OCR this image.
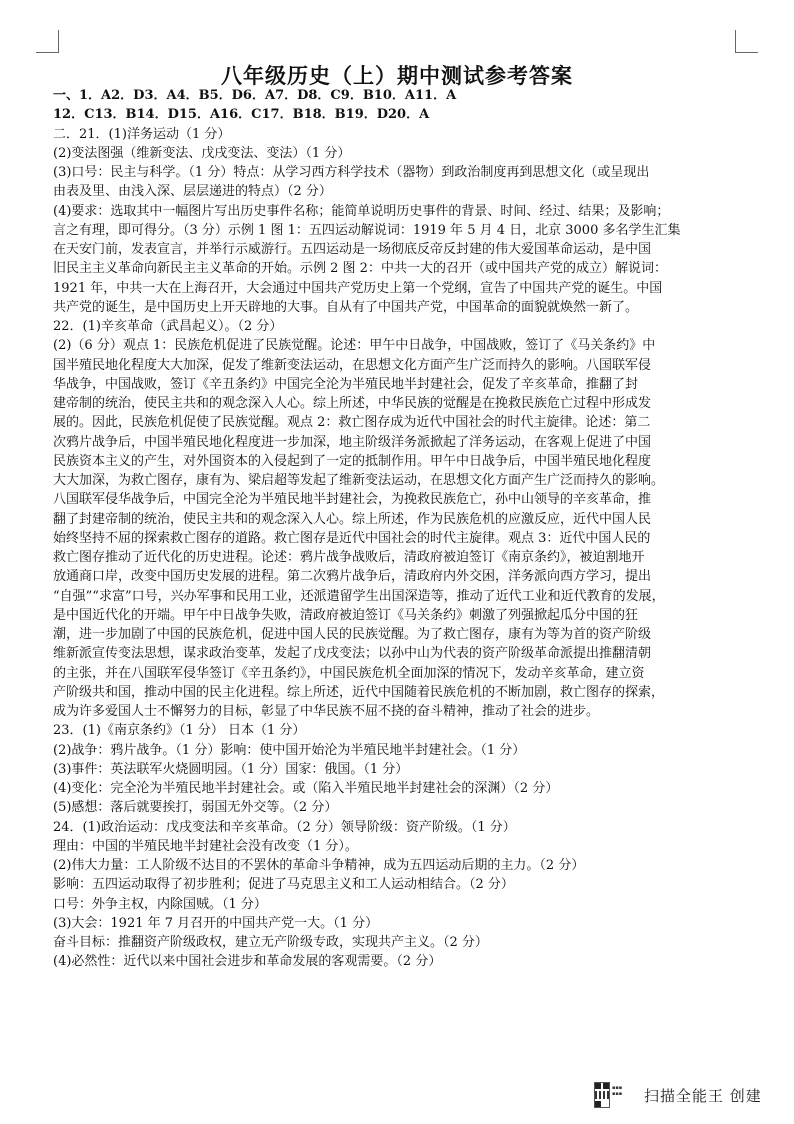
八年级历史（上）期中测试参考答案
一、1．A2．D3．A4．B5．D6．A7．D8．C9．B10．A11．A
12．C13．B14．D15．A16．C17．B18．B19．D20．A
二．21．(1)洋务运动（1 分）
(2)变法图强（维新变法、戊戌变法、变法）（1 分）
(3)口号：民主与科学。（1 分）特点：从学习西方科学技术（器物）到政治制度再到思想文化（或呈现出
由表及里、由浅入深、层层递进的特点）（2 分）
(4)要求：选取其中一幅图片写出历史事件名称；能简单说明历史事件的背景、时间、经过、结果；及影响；
言之有理，即可得分。（3 分）示例 1 图 1：五四运动解说词：1919 年 5 月 4 日，北京 3000 多名学生汇集
在天安门前，发表宣言，并举行示威游行。五四运动是一场彻底反帝反封建的伟大爱国革命运动，是中国
旧民主主义革命向新民主主义革命的开始。示例 2 图 2：中共一大的召开（或中国共产党的成立）解说词：
1921 年，中共一大在上海召开，大会通过中国共产党历史上第一个党纲，宣告了中国共产党的诞生。中国
共产党的诞生，是中国历史上开天辟地的大事。自从有了中国共产党，中国革命的面貌就焕然一新了。
22．(1)辛亥革命（武昌起义）。（2 分）
(2)（6 分）观点 1：民族危机促进了民族觉醒。论述：甲午中日战争，中国战败，签订了《马关条约》中
国半殖民地化程度大大加深，促发了维新变法运动，在思想文化方面产生广泛而持久的影响。八国联军侵
华战争，中国战败，签订《辛丑条约》中国完全沦为半殖民地半封建社会，促发了辛亥革命，推翻了封
建帝制的统治，使民主共和的观念深入人心。综上所述，中华民族的觉醒是在挽救民族危亡过程中形成发
展的。因此，民族危机促使了民族觉醒。观点 2：救亡图存成为近代中国社会的时代主旋律。论述：第二
次鸦片战争后，中国半殖民地化程度进一步加深，地主阶级洋务派掀起了洋务运动，在客观上促进了中国
民族资本主义的产生，对外国资本的入侵起到了一定的抵制作用。甲午中日战争后，中国半殖民地化程度
大大加深，为救亡图存，康有为、梁启超等发起了维新变法运动，在思想文化方面产生广泛而持久的影响。
八国联军侵华战争后，中国完全沦为半殖民地半封建社会，为挽救民族危亡，孙中山领导的辛亥革命，推
翻了封建帝制的统治，使民主共和的观念深入人心。综上所述，作为民族危机的应激反应，近代中国人民
始终坚持不屈的探索救亡图存的道路。救亡图存是近代中国社会的时代主旋律。观点 3：近代中国人民的
救亡图存推动了近代化的历史进程。论述：鸦片战争战败后，清政府被迫签订《南京条约》，被迫割地开
放通商口岸，改变中国历史发展的进程。第二次鸦片战争后，清政府内外交困，洋务派向西方学习，提出
“自强”“求富”口号，兴办军事和民用工业，还派遣留学生出国深造等，推动了近代工业和近代教育的发展，
是中国近代化的开端。甲午中日战争失败，清政府被迫签订《马关条约》刺激了列强掀起瓜分中国的狂
潮，进一步加剧了中国的民族危机，促进中国人民的民族觉醒。为了救亡图存，康有为等为首的资产阶级
维新派宣传变法思想，谋求政治变革，发起了戊戌变法；以孙中山为代表的资产阶级革命派提出推翻清朝
的主张，并在八国联军侵华签订《辛丑条约》，中国民族危机全面加深的情况下，发动辛亥革命，建立资
产阶级共和国，推动中国的民主化进程。综上所述，近代中国随着民族危机的不断加剧，救亡图存的探索，
成为许多爱国人士不懈努力的目标，彰显了中华民族不屈不挠的奋斗精神，推动了社会的进步。
23．(1)《南京条约》（1 分） 日本（1 分）
(2)战争：鸦片战争。（1 分）影响：使中国开始沦为半殖民地半封建社会。（1 分）
(3)事件：英法联军火烧圆明园。（1 分）国家：俄国。（1 分）
(4)变化：完全沦为半殖民地半封建社会。或（陷入半殖民地半封建社会的深渊）（2 分）
(5)感想：落后就要挨打，弱国无外交等。（2 分）
24．(1)政治运动：戊戌变法和辛亥革命。（2 分）领导阶级：资产阶级。（1 分）
理由：中国的半殖民地半封建社会没有改变（1 分）。
(2)伟大力量：工人阶级不达目的不罢休的革命斗争精神，成为五四运动后期的主力。（2 分）
影响：五四运动取得了初步胜利；促进了马克思主义和工人运动相结合。（2 分）
口号：外争主权，内除国贼。（1 分）
(3)大会：1921 年 7 月召开的中国共产党一大。（1 分）
奋斗目标：推翻资产阶级政权，建立无产阶级专政，实现共产主义。（2 分）
(4)必然性：近代以来中国社会进步和革命发展的客观需要。（2 分）
▪▪▪
▪▪▪	扫描全能王 创建
